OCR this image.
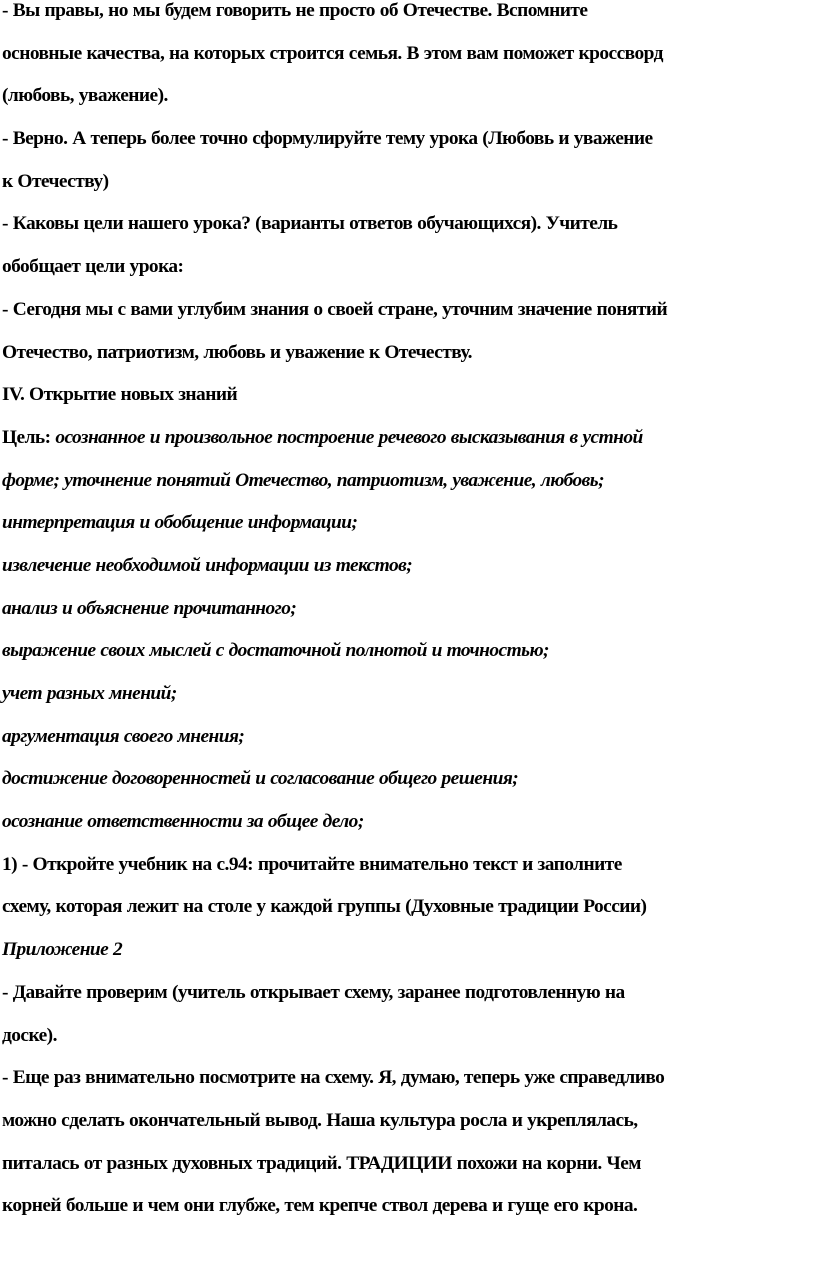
- Вы правы, но мы будем говорить не просто об Отечестве. Вспомните
основные качества, на которых строится семья. В этом вам поможет кроссворд
(любовь, уважение).
- Верно. А теперь более точно сформулируйте тему урока (Любовь и уважение
к Отечеству)
- Каковы цели нашего урока? (варианты ответов обучающихся). Учитель
обобщает цели урока:
- Сегодня мы с вами углубим знания о своей стране, уточним значение понятий
Отечество, патриотизм, любовь и уважение к Отечеству.
IV. Открытие новых знаний
Цель: осознанное и произвольное построение речевого высказывания в устной
форме; уточнение понятий Отечество, патриотизм, уважение, любовь;
интерпретация и обобщение информации;
извлечение необходимой информации из текстов;
анализ и объяснение прочитанного;
выражение своих мыслей с достаточной полнотой и точностью;
учет разных мнений;
аргументация своего мнения;
достижение договоренностей и согласование общего решения;
осознание ответственности за общее дело;
1) - Откройте учебник на с.94: прочитайте внимательно текст и заполните
схему, которая лежит на столе у каждой группы (Духовные традиции России)
Приложение 2
- Давайте проверим (учитель открывает схему, заранее подготовленную на
доске).
- Еще раз внимательно посмотрите на схему. Я, думаю, теперь уже справедливо
можно сделать окончательный вывод. Наша культура росла и укреплялась,
питалась от разных духовных традиций. ТРАДИЦИИ похожи на корни. Чем
корней больше и чем они глубже, тем крепче ствол дерева и гуще его крона.
